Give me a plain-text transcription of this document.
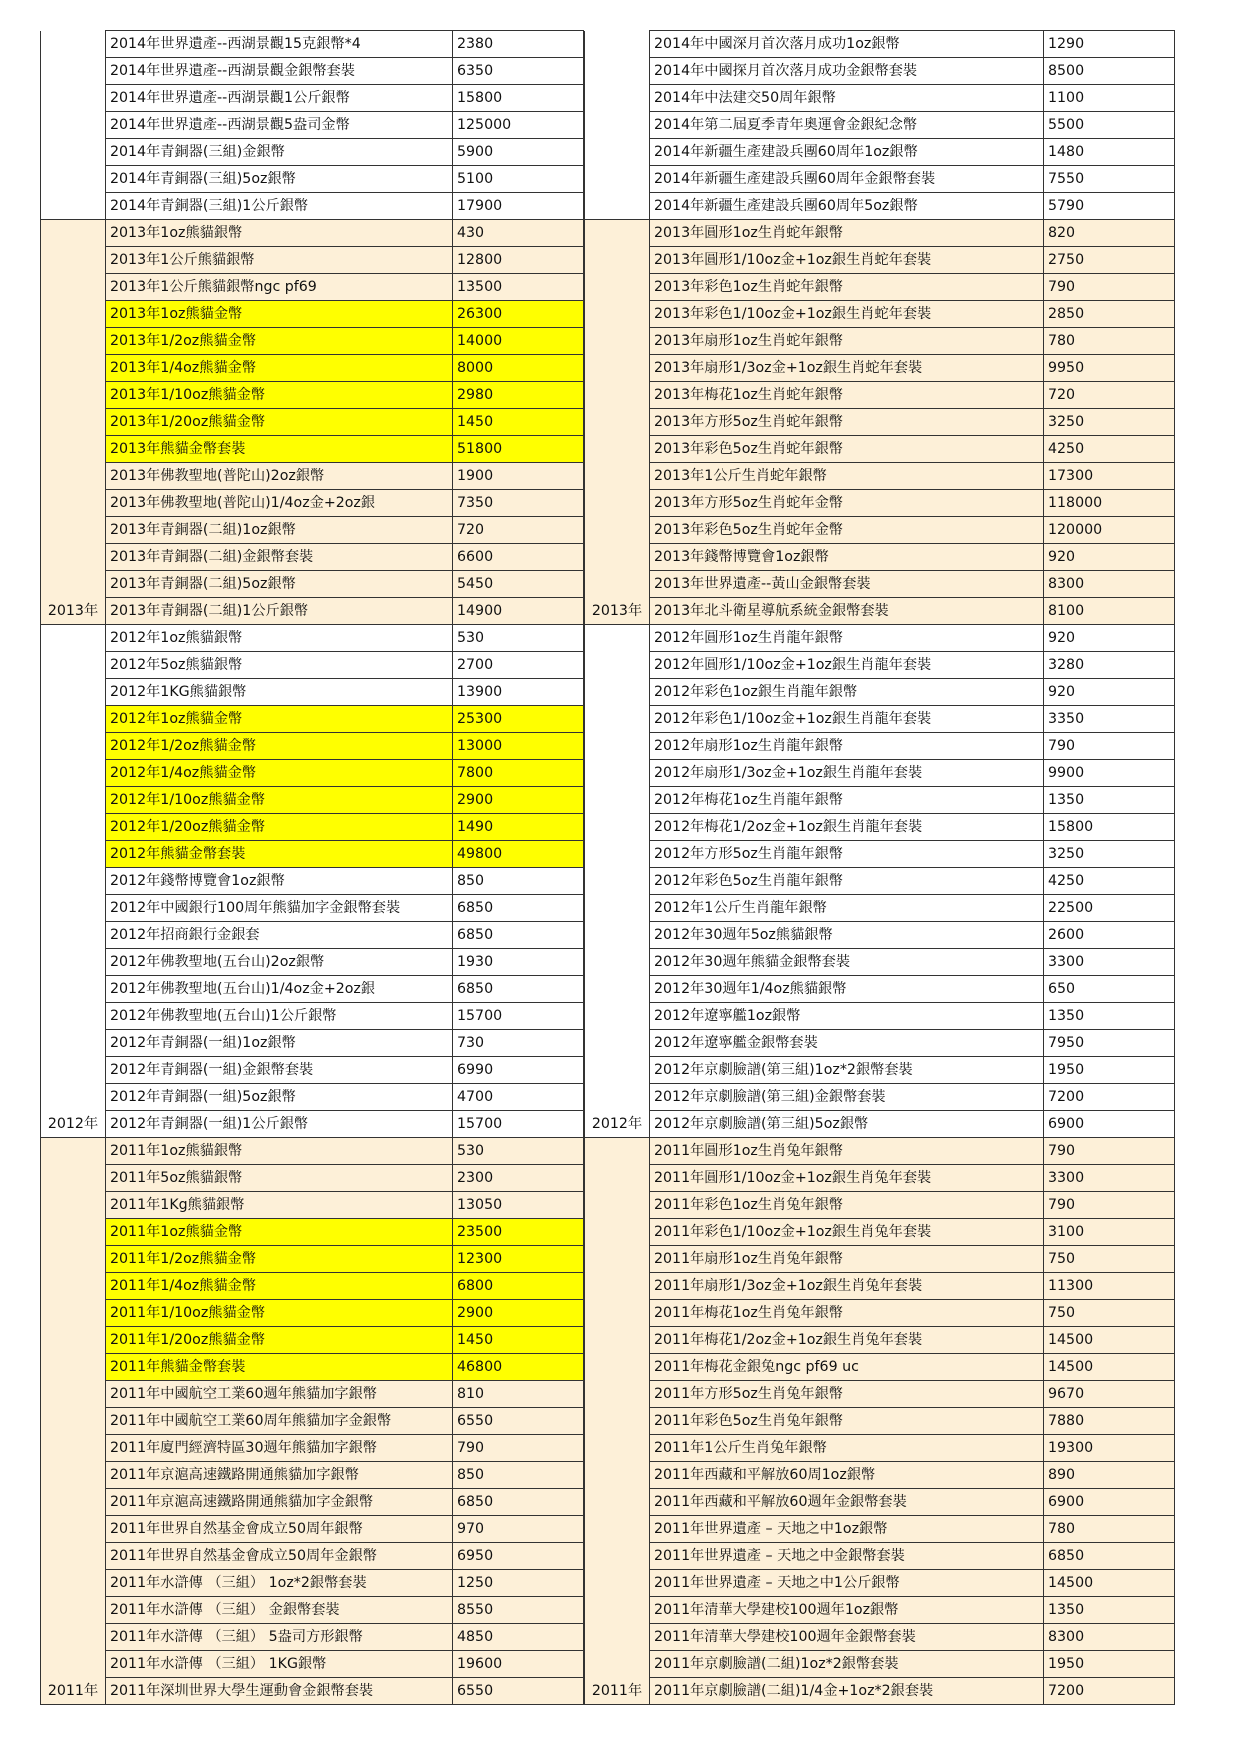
	2014年世界遺產--西湖景觀15克銀幣*4	2380
	2014年世界遺產--西湖景觀金銀幣套裝	6350
	2014年世界遺產--西湖景觀1公斤銀幣	15800
	2014年世界遺產--西湖景觀5盎司金幣	125000
	2014年青銅器(三組)金銀幣	5900
	2014年青銅器(三組)5oz銀幣	5100
	2014年青銅器(三組)1公斤銀幣	17900
2013年	2013年1oz熊貓銀幣	430
	2013年1公斤熊貓銀幣	12800
	2013年1公斤熊貓銀幣ngc pf69	13500
	2013年1oz熊貓金幣	26300
	2013年1/2oz熊貓金幣	14000
	2013年1/4oz熊貓金幣	8000
	2013年1/10oz熊貓金幣	2980
	2013年1/20oz熊貓金幣	1450
	2013年熊貓金幣套裝	51800
	2013年佛教聖地(普陀山)2oz銀幣	1900
	2013年佛教聖地(普陀山)1/4oz金+2oz銀	7350
	2013年青銅器(二組)1oz銀幣	720
	2013年青銅器(二組)金銀幣套裝	6600
	2013年青銅器(二組)5oz銀幣	5450
	2013年青銅器(二組)1公斤銀幣	14900
2012年	2012年1oz熊貓銀幣	530
	2012年5oz熊貓銀幣	2700
	2012年1KG熊貓銀幣	13900
	2012年1oz熊貓金幣	25300
	2012年1/2oz熊貓金幣	13000
	2012年1/4oz熊貓金幣	7800
	2012年1/10oz熊貓金幣	2900
	2012年1/20oz熊貓金幣	1490
	2012年熊貓金幣套裝	49800
	2012年錢幣博覽會1oz銀幣	850
	2012年中國銀行100周年熊貓加字金銀幣套裝	6850
	2012年招商銀行金銀套	6850
	2012年佛教聖地(五台山)2oz銀幣	1930
	2012年佛教聖地(五台山)1/4oz金+2oz銀	6850
	2012年佛教聖地(五台山)1公斤銀幣	15700
	2012年青銅器(一組)1oz銀幣	730
	2012年青銅器(一組)金銀幣套裝	6990
	2012年青銅器(一組)5oz銀幣	4700
	2012年青銅器(一組)1公斤銀幣	15700
2011年	2011年1oz熊貓銀幣	530
	2011年5oz熊貓銀幣	2300
	2011年1Kg熊貓銀幣	13050
	2011年1oz熊貓金幣	23500
	2011年1/2oz熊貓金幣	12300
	2011年1/4oz熊貓金幣	6800
	2011年1/10oz熊貓金幣	2900
	2011年1/20oz熊貓金幣	1450
	2011年熊貓金幣套裝	46800
	2011年中國航空工業60週年熊貓加字銀幣	810
	2011年中國航空工業60周年熊貓加字金銀幣	6550
	2011年廈門經濟特區30週年熊貓加字銀幣	790
	2011年京滬高速鐵路開通熊貓加字銀幣	850
	2011年京滬高速鐵路開通熊貓加字金銀幣	6850
	2011年世界自然基金會成立50周年銀幣	970
	2011年世界自然基金會成立50周年金銀幣	6950
	2011年水滸傳 （三組） 1oz*2銀幣套裝	1250
	2011年水滸傳 （三組） 金銀幣套裝	8550
	2011年水滸傳 （三組） 5盎司方形銀幣	4850
	2011年水滸傳 （三組） 1KG銀幣	19600
	2011年深圳世界大學生運動會金銀幣套裝	6550
	2014年中國深月首次落月成功1oz銀幣	1290
	2014年中國探月首次落月成功金銀幣套裝	8500
	2014年中法建交50周年銀幣	1100
	2014年第二屆夏季青年奧運會金銀紀念幣	5500
	2014年新疆生產建設兵團60周年1oz銀幣	1480
	2014年新疆生產建設兵團60周年金銀幣套裝	7550
	2014年新疆生產建設兵團60周年5oz銀幣	5790
2013年	2013年圓形1oz生肖蛇年銀幣	820
	2013年圓形1/10oz金+1oz銀生肖蛇年套裝	2750
	2013年彩色1oz生肖蛇年銀幣	790
	2013年彩色1/10oz金+1oz銀生肖蛇年套裝	2850
	2013年扇形1oz生肖蛇年銀幣	780
	2013年扇形1/3oz金+1oz銀生肖蛇年套裝	9950
	2013年梅花1oz生肖蛇年銀幣	720
	2013年方形5oz生肖蛇年銀幣	3250
	2013年彩色5oz生肖蛇年銀幣	4250
	2013年1公斤生肖蛇年銀幣	17300
	2013年方形5oz生肖蛇年金幣	118000
	2013年彩色5oz生肖蛇年金幣	120000
	2013年錢幣博覽會1oz銀幣	920
	2013年世界遺產--黃山金銀幣套裝	8300
	2013年北斗衛星導航系統金銀幣套裝	8100
2012年	2012年圓形1oz生肖龍年銀幣	920
	2012年圓形1/10oz金+1oz銀生肖龍年套裝	3280
	2012年彩色1oz銀生肖龍年銀幣	920
	2012年彩色1/10oz金+1oz銀生肖龍年套裝	3350
	2012年扇形1oz生肖龍年銀幣	790
	2012年扇形1/3oz金+1oz銀生肖龍年套裝	9900
	2012年梅花1oz生肖龍年銀幣	1350
	2012年梅花1/2oz金+1oz銀生肖龍年套裝	15800
	2012年方形5oz生肖龍年銀幣	3250
	2012年彩色5oz生肖龍年銀幣	4250
	2012年1公斤生肖龍年銀幣	22500
	2012年30週年5oz熊貓銀幣	2600
	2012年30週年熊貓金銀幣套裝	3300
	2012年30週年1/4oz熊貓銀幣	650
	2012年遼寧艦1oz銀幣	1350
	2012年遼寧艦金銀幣套裝	7950
	2012年京劇臉譜(第三組)1oz*2銀幣套裝	1950
	2012年京劇臉譜(第三組)金銀幣套裝	7200
	2012年京劇臉譜(第三組)5oz銀幣	6900
2011年	2011年圓形1oz生肖兔年銀幣	790
	2011年圓形1/10oz金+1oz銀生肖兔年套裝	3300
	2011年彩色1oz生肖兔年銀幣	790
	2011年彩色1/10oz金+1oz銀生肖兔年套裝	3100
	2011年扇形1oz生肖兔年銀幣	750
	2011年扇形1/3oz金+1oz銀生肖兔年套裝	11300
	2011年梅花1oz生肖兔年銀幣	750
	2011年梅花1/2oz金+1oz銀生肖兔年套裝	14500
	2011年梅花金銀兔ngc pf69 uc	14500
	2011年方形5oz生肖兔年銀幣	9670
	2011年彩色5oz生肖兔年銀幣	7880
	2011年1公斤生肖兔年銀幣	19300
	2011年西藏和平解放60周1oz銀幣	890
	2011年西藏和平解放60週年金銀幣套裝	6900
	2011年世界遺產 – 天地之中1oz銀幣	780
	2011年世界遺產 – 天地之中金銀幣套裝	6850
	2011年世界遺產 – 天地之中1公斤銀幣	14500
	2011年清華大學建校100週年1oz銀幣	1350
	2011年清華大學建校100週年金銀幣套裝	8300
	2011年京劇臉譜(二組)1oz*2銀幣套裝	1950
	2011年京劇臉譜(二組)1/4金+1oz*2銀套裝	7200
